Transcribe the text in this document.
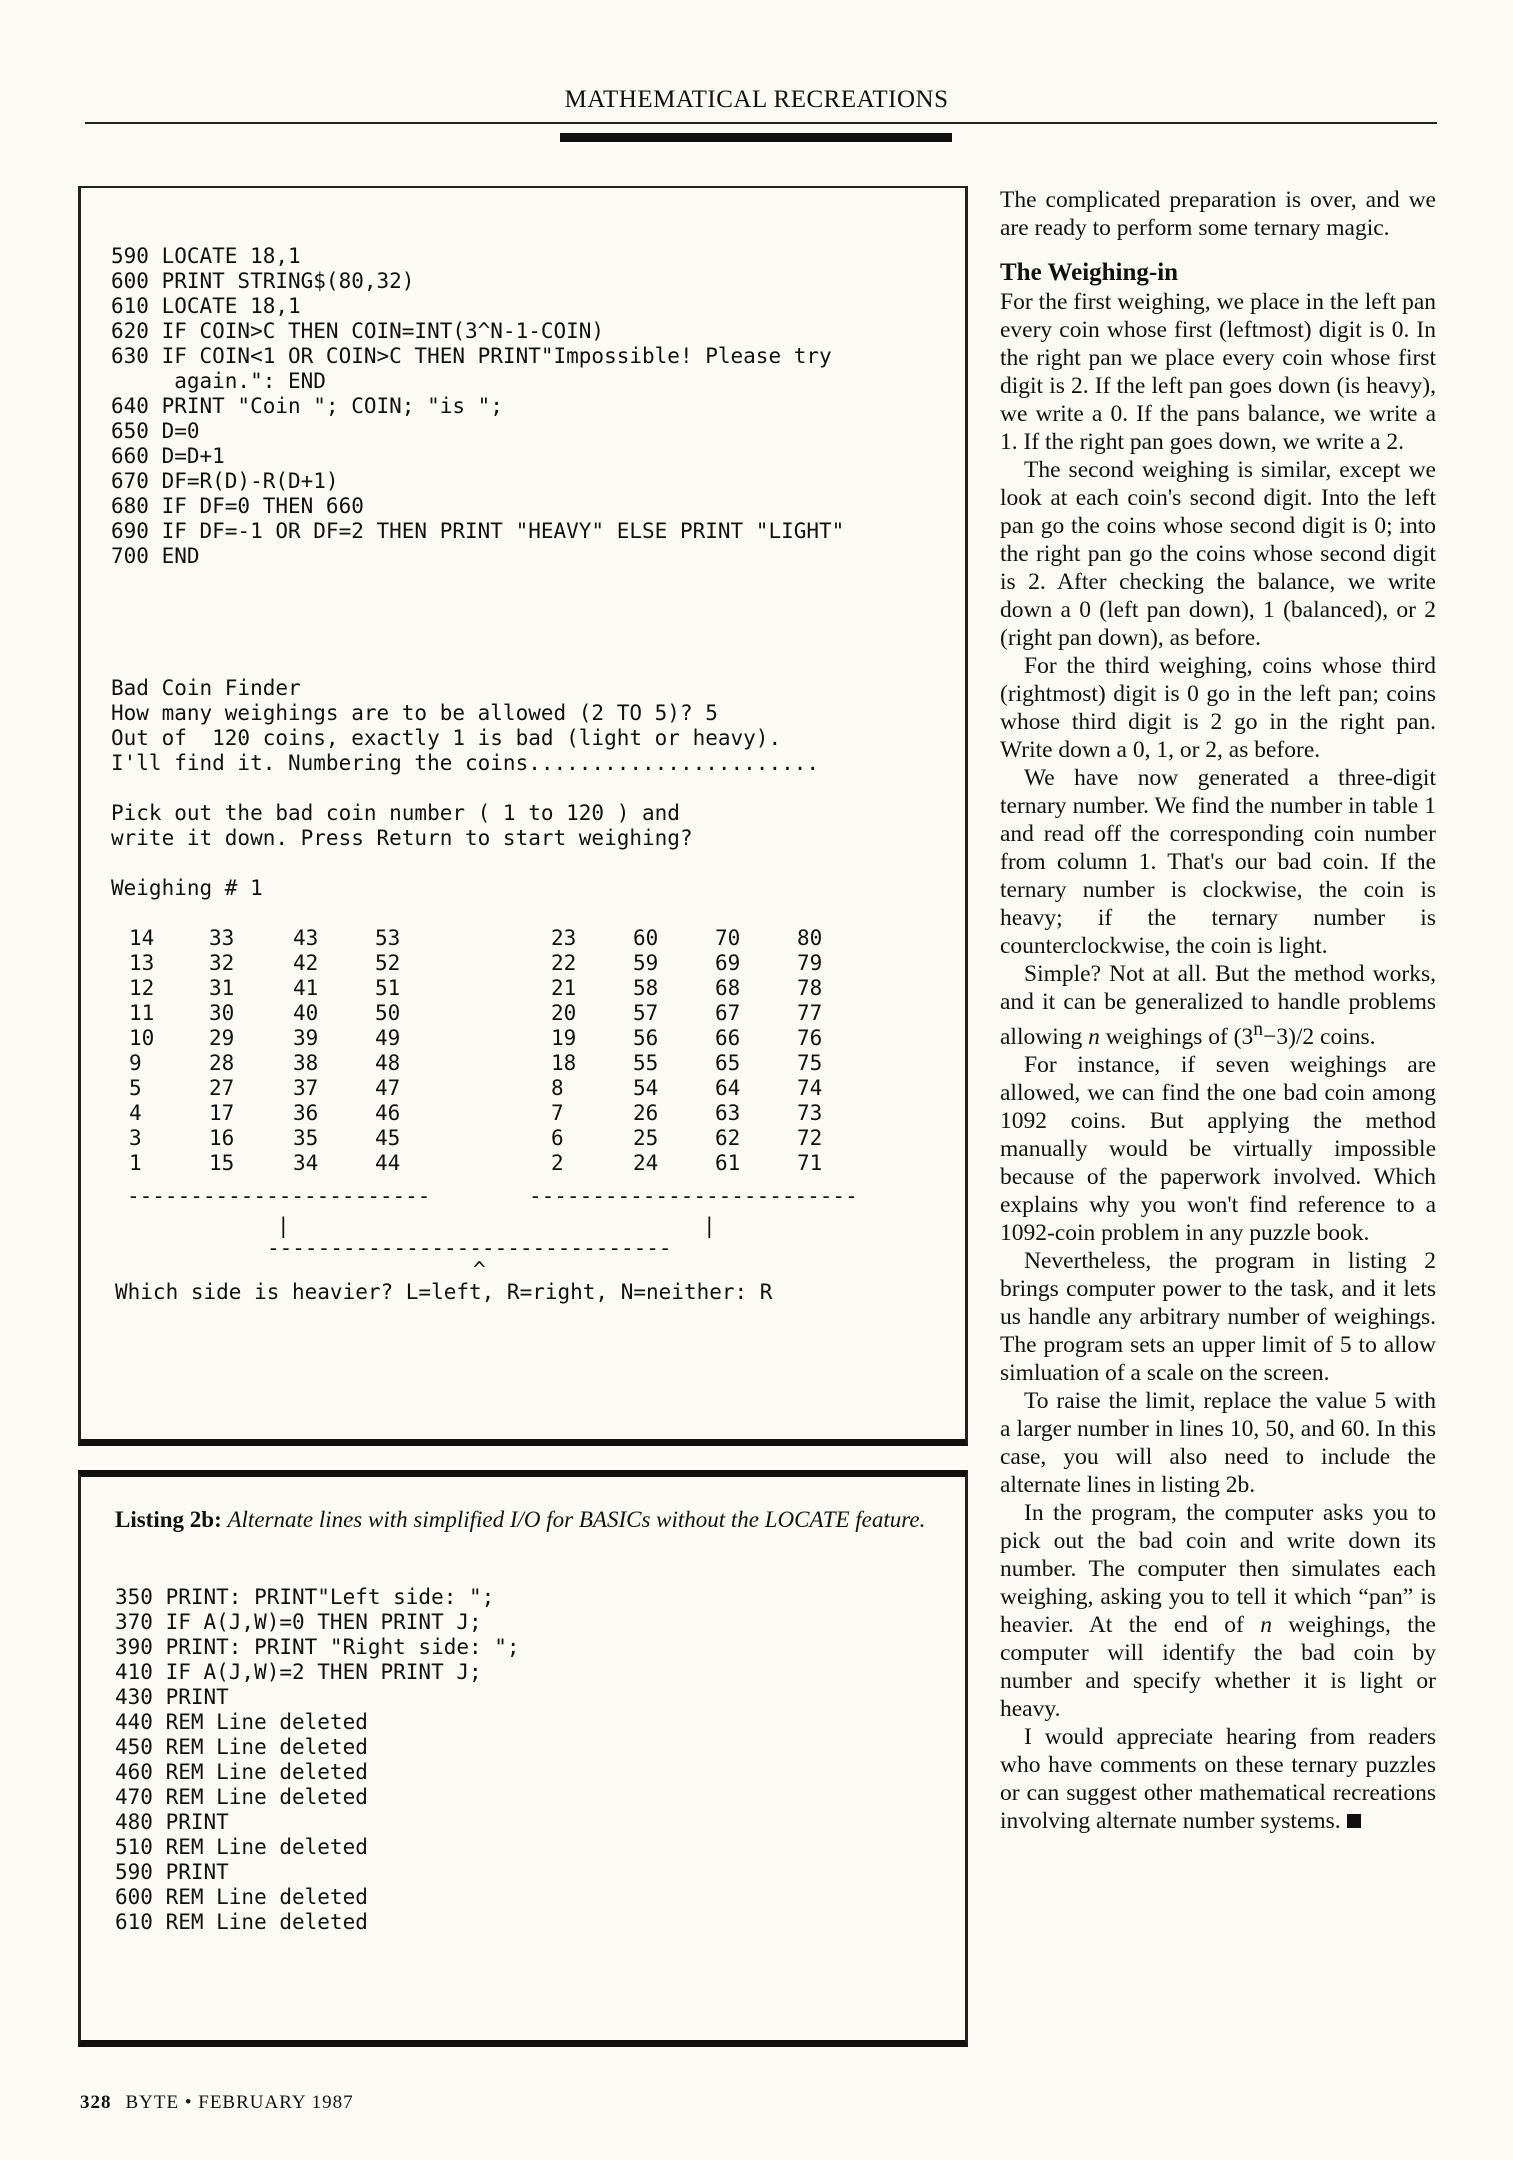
MATHEMATICAL RECREATIONS
590 LOCATE 18,1
600 PRINT STRING$(80,32)
610 LOCATE 18,1
620 IF COIN>C THEN COIN=INT(3^N-1-COIN)
630 IF COIN<1 OR COIN>C THEN PRINT"Impossible! Please try
again.": END
640 PRINT "Coin "; COIN; "is ";
650 D=0
660 D=D+1
670 DF=R(D)-R(D+1)
680 IF DF=0 THEN 660
690 IF DF=-1 OR DF=2 THEN PRINT "HEAVY" ELSE PRINT "LIGHT"
700 END
Bad Coin Finder
How many weighings are to be allowed (2 TO 5)? 5
Out of  120 coins, exactly 1 is bad (light or heavy).
I'll find it. Numbering the coins.......................

Pick out the bad coin number ( 1 to 120 ) and
write it down. Press Return to start weighing?

Weighing # 1
14
13
12
11
10
9
5
4
3
1
33
32
31
30
29
28
27
17
16
15
43
42
41
40
39
38
37
36
35
34
53
52
51
50
49
48
47
46
45
44
23
22
21
20
19
18
8
7
6
2
60
59
58
57
56
55
54
26
25
24
70
69
68
67
66
65
64
63
62
61
80
79
78
77
76
75
74
73
72
71
------------------------	--------------------------
|	|
--------------------------------
^
Which side is heavier? L=left, R=right, N=neither: R
Listing 2b: Alternate lines with simplified I/O for BASICs without the LOCATE feature.
350 PRINT: PRINT"Left side: ";
370 IF A(J,W)=0 THEN PRINT J;
390 PRINT: PRINT "Right side: ";
410 IF A(J,W)=2 THEN PRINT J;
430 PRINT
440 REM Line deleted
450 REM Line deleted
460 REM Line deleted
470 REM Line deleted
480 PRINT
510 REM Line deleted
590 PRINT
600 REM Line deleted
610 REM Line deleted

The complicated preparation is over, and we are ready to perform some ternary magic.

The Weighing-in

For the first weighing, we place in the left pan every coin whose first (leftmost) digit is 0. In the right pan we place every coin whose first digit is 2. If the left pan goes down (is heavy), we write a 0. If the pans balance, we write a 1. If the right pan goes down, we write a 2.

The second weighing is similar, except we look at each coin's second digit. Into the left pan go the coins whose second digit is 0; into the right pan go the coins whose second digit is 2. After checking the balance, we write down a 0 (left pan down), 1 (balanced), or 2 (right pan down), as before.

For the third weighing, coins whose third (rightmost) digit is 0 go in the left pan; coins whose third digit is 2 go in the right pan. Write down a 0, 1, or 2, as before.

We have now generated a three-digit ternary number. We find the number in table 1 and read off the corresponding coin number from column 1. That's our bad coin. If the ternary number is clockwise, the coin is heavy; if the ternary number is counterclockwise, the coin is light.

Simple? Not at all. But the method works, and it can be generalized to handle problems allowing n weighings of $(3^n-3)/2$ coins.

For instance, if seven weighings are allowed, we can find the one bad coin among 1092 coins. But applying the method manually would be virtually impossible because of the paperwork involved. Which explains why you won't find reference to a 1092-coin problem in any puzzle book.

Nevertheless, the program in listing 2 brings computer power to the task, and it lets us handle any arbitrary number of weighings. The program sets an upper limit of 5 to allow simluation of a scale on the screen.

To raise the limit, replace the value 5 with a larger number in lines 10, 50, and 60. In this case, you will also need to include the alternate lines in listing 2b.

In the program, the computer asks you to pick out the bad coin and write down its number. The computer then simulates each weighing, asking you to tell it which “pan” is heavier. At the end of n weighings, the computer will identify the bad coin by number and specify whether it is light or heavy.

I would appreciate hearing from readers who have comments on these ternary puzzles or can suggest other mathematical recreations involving alternate number systems.

328 BYTE • FEBRUARY 1987
